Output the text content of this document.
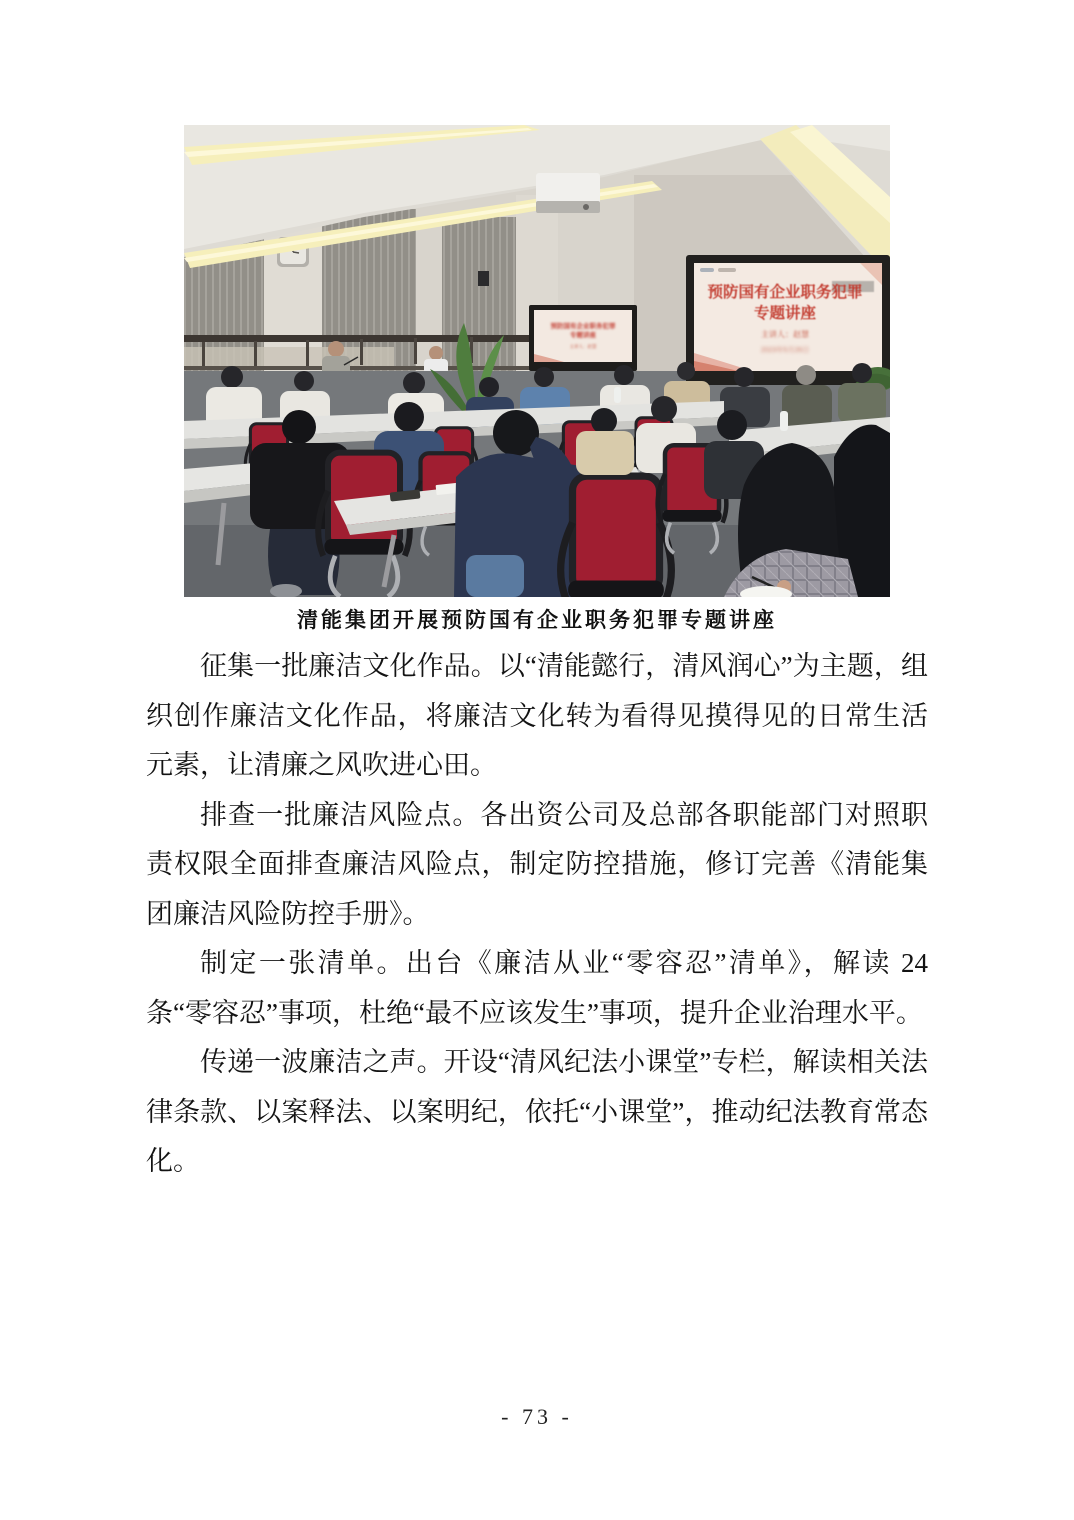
预防国有企业职务犯罪
专题讲座
主讲人：赵慧
2023年5月26日
预防国有企业职务犯罪
专题讲座
主讲人：赵慧
清能集团开展预防国有企业职务犯罪专题讲座

征集一批廉洁文化作品。以“清能懿行，清风润心”为主题，组织创作廉洁文化作品，将廉洁文化转为看得见摸得见的日常生活元素，让清廉之风吹进心田。

排查一批廉洁风险点。各出资公司及总部各职能部门对照职责权限全面排查廉洁风险点，制定防控措施，修订完善《清能集团廉洁风险防控手册》。

制定一张清单。出台《廉洁从业“零容忍”清单》，解读 24 条“零容忍”事项，杜绝“最不应该发生”事项，提升企业治理水平。

传递一波廉洁之声。开设“清风纪法小课堂”专栏，解读相关法律条款、以案释法、以案明纪，依托“小课堂”，推动纪法教育常态化。

- 73 -
